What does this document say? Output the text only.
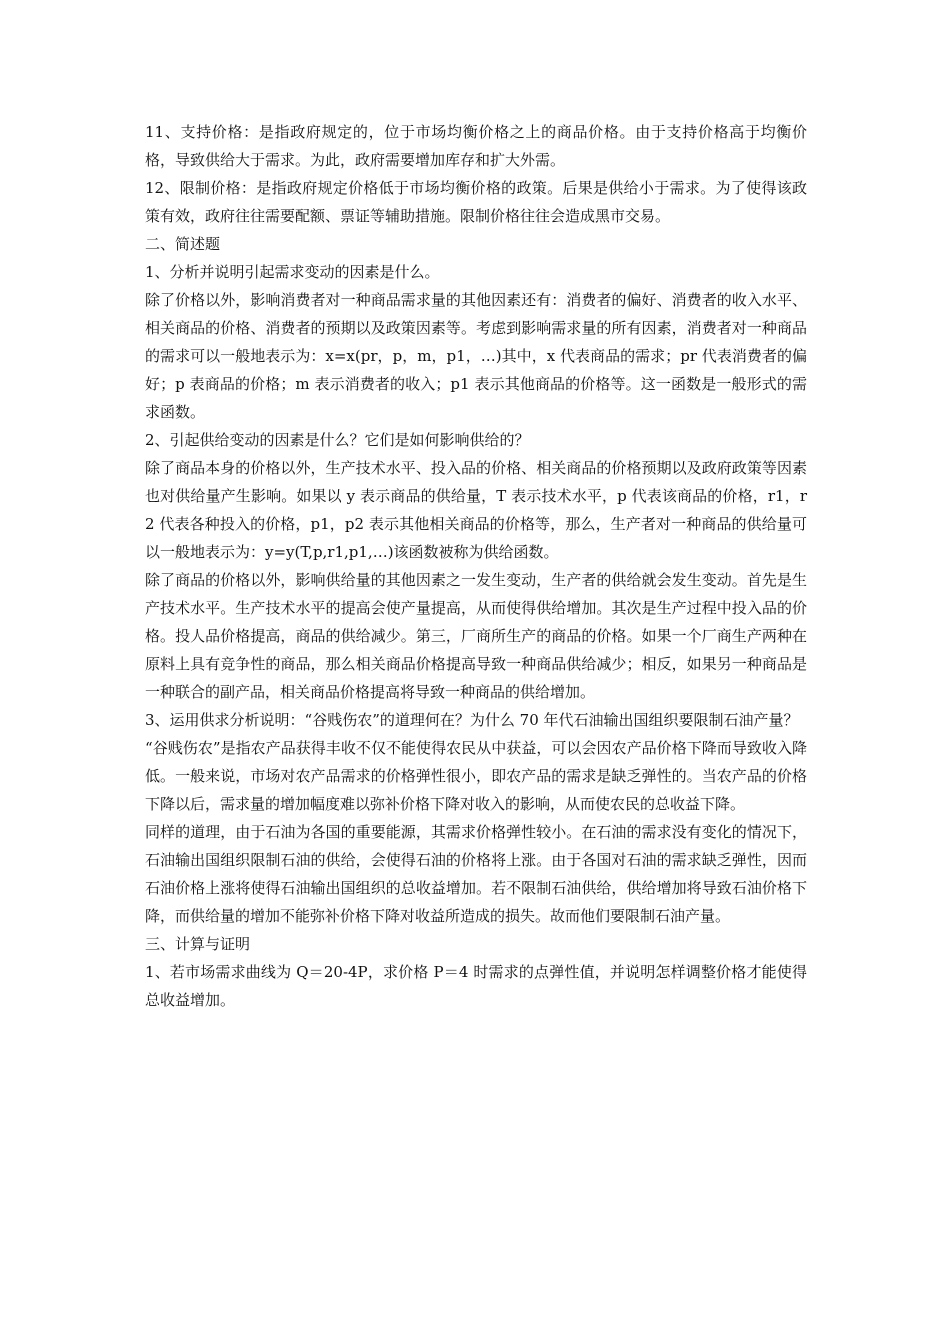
11、支持价格：是指政府规定的，位于市场均衡价格之上的商品价格。由于支持价格高于均衡价格，导致供给大于需求。为此，政府需要增加库存和扩大外需。

12、限制价格：是指政府规定价格低于市场均衡价格的政策。后果是供给小于需求。为了使得该政策有效，政府往往需要配额、票证等辅助措施。限制价格往往会造成黑市交易。

二、简述题

1、分析并说明引起需求变动的因素是什么。

除了价格以外，影响消费者对一种商品需求量的其他因素还有：消费者的偏好、消费者的收入水平、相关商品的价格、消费者的预期以及政策因素等。考虑到影响需求量的所有因素，消费者对一种商品的需求可以一般地表示为：x=x(pr，p，m，p1，…)其中，x 代表商品的需求；pr 代表消费者的偏好；p 表商品的价格；m 表示消费者的收入；p1 表示其他商品的价格等。这一函数是一般形式的需求函数。

2、引起供给变动的因素是什么？它们是如何影响供给的？

除了商品本身的价格以外，生产技术水平、投入品的价格、相关商品的价格预期以及政府政策等因素也对供给量产生影响。如果以 y 表示商品的供给量，T 表示技术水平，p 代表该商品的价格，r1，r2 代表各种投入的价格，p1，p2 表示其他相关商品的价格等，那么，生产者对一种商品的供给量可以一般地表示为：y=y(T,p,r1,p1,…)该函数被称为供给函数。

除了商品的价格以外，影响供给量的其他因素之一发生变动，生产者的供给就会发生变动。首先是生产技术水平。生产技术水平的提高会使产量提高，从而使得供给增加。其次是生产过程中投入品的价格。投人品价格提高，商品的供给减少。第三，厂商所生产的商品的价格。如果一个厂商生产两种在原料上具有竞争性的商品，那么相关商品价格提高导致一种商品供给减少；相反，如果另一种商品是一种联合的副产品，相关商品价格提高将导致一种商品的供给增加。

3、运用供求分析说明：“谷贱伤农”的道理何在？为什么 70 年代石油输出国组织要限制石油产量？

“谷贱伤农”是指农产品获得丰收不仅不能使得农民从中获益，可以会因农产品价格下降而导致收入降低。一般来说，市场对农产品需求的价格弹性很小，即农产品的需求是缺乏弹性的。当农产品的价格下降以后，需求量的增加幅度难以弥补价格下降对收入的影响，从而使农民的总收益下降。

同样的道理，由于石油为各国的重要能源，其需求价格弹性较小。在石油的需求没有变化的情况下，石油输出国组织限制石油的供给，会使得石油的价格将上涨。由于各国对石油的需求缺乏弹性，因而石油价格上涨将使得石油输出国组织的总收益增加。若不限制石油供给，供给增加将导致石油价格下降，而供给量的增加不能弥补价格下降对收益所造成的损失。故而他们要限制石油产量。

三、计算与证明

1、若市场需求曲线为 Q＝20-4P，求价格 P＝4 时需求的点弹性值，并说明怎样调整价格才能使得总收益增加。
